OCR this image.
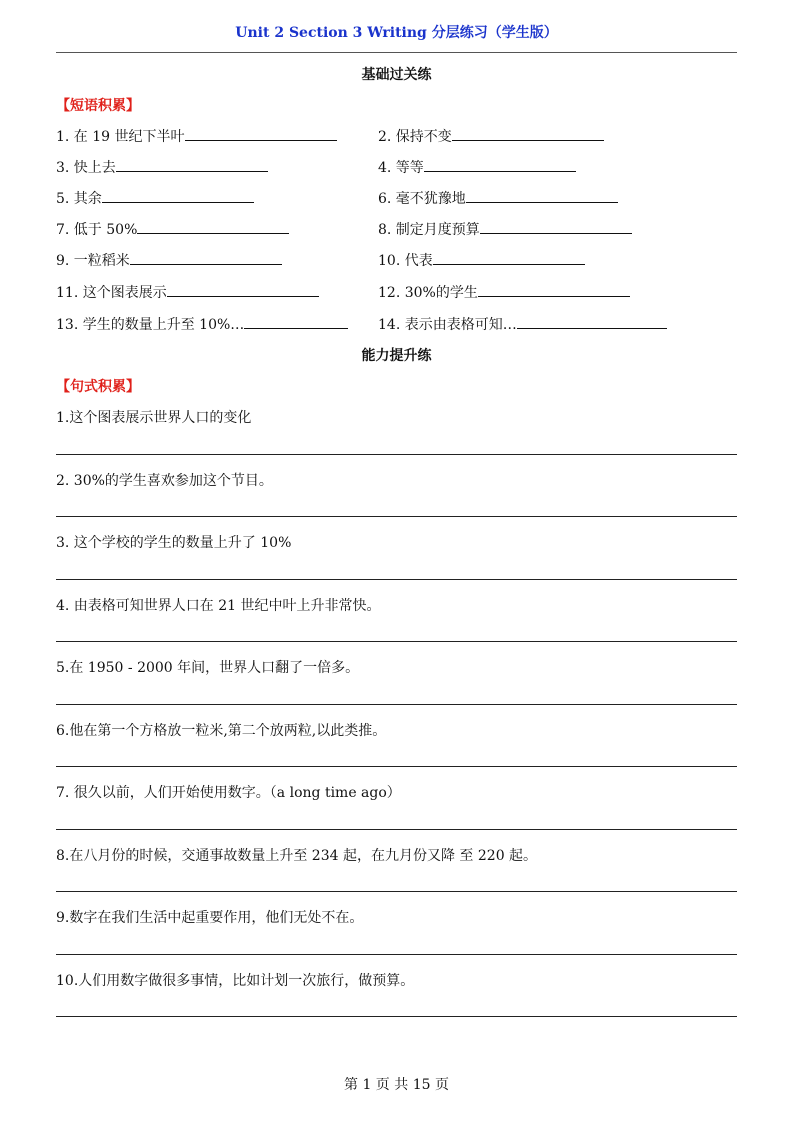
Unit 2 Section 3 Writing 分层练习（学生版）
基础过关练
【短语积累】
1. 在 19 世纪下半叶	2. 保持不变
3. 快上去	4. 等等
5. 其余	6. 毫不犹豫地
7. 低于 50%	8. 制定月度预算
9. 一粒稻米	10. 代表
11. 这个图表展示	12. 30%的学生
13. 学生的数量上升至 10%…	14. 表示由表格可知…
能力提升练
【句式积累】
1.这个图表展示世界人口的变化
2. 30%的学生喜欢参加这个节目。
3. 这个学校的学生的数量上升了 10%
4. 由表格可知世界人口在 21 世纪中叶上升非常快。
5.在 1950 - 2000 年间，世界人口翻了一倍多。
6.他在第一个方格放一粒米,第二个放两粒,以此类推。
7. 很久以前，人们开始使用数字。（a long time ago）
8.在八月份的时候，交通事故数量上升至 234 起，在九月份又降 至 220 起。
9.数字在我们生活中起重要作用，他们无处不在。
10.人们用数字做很多事情，比如计划一次旅行，做预算。
第 1 页 共 15 页
